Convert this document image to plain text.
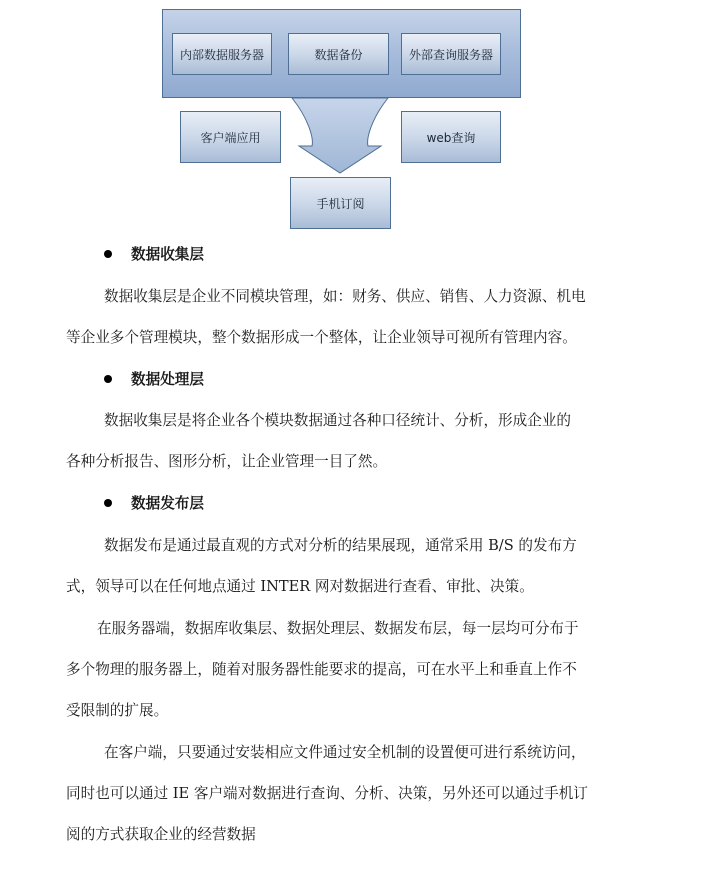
内部数据服务器	数据备份	外部查询服务器
客户端应用	web查询
手机订阅
数据收集层
数据收集层是企业不同模块管理，如：财务、供应、销售、人力资源、机电
等企业多个管理模块，整个数据形成一个整体，让企业领导可视所有管理内容。
数据处理层
数据收集层是将企业各个模块数据通过各种口径统计、分析，形成企业的
各种分析报告、图形分析，让企业管理一目了然。
数据发布层
数据发布是通过最直观的方式对分析的结果展现，通常采用 B/S 的发布方
式，领导可以在任何地点通过 INTER 网对数据进行查看、审批、决策。
在服务器端，数据库收集层、数据处理层、数据发布层，每一层均可分布于
多个物理的服务器上，随着对服务器性能要求的提高，可在水平上和垂直上作不
受限制的扩展。
在客户端，只要通过安装相应文件通过安全机制的设置便可进行系统访问，
同时也可以通过 IE 客户端对数据进行查询、分析、决策，另外还可以通过手机订
阅的方式获取企业的经营数据
